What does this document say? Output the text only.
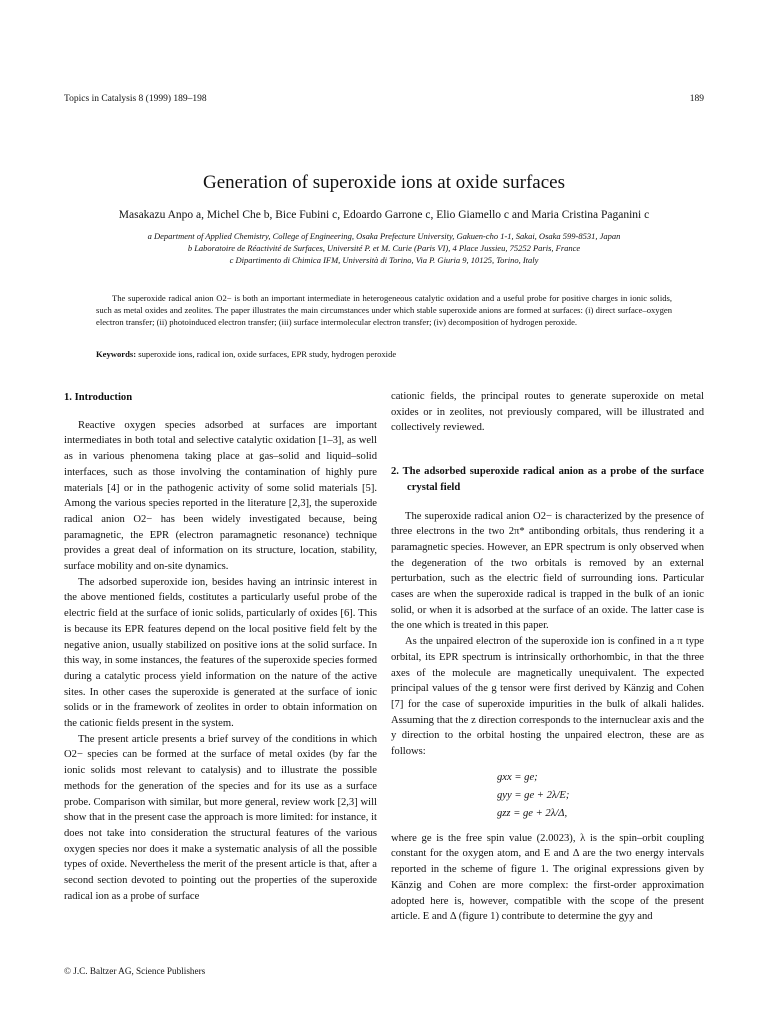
Topics in Catalysis 8 (1999) 189–198	189
Generation of superoxide ions at oxide surfaces
Masakazu Anpo a, Michel Che b, Bice Fubini c, Edoardo Garrone c, Elio Giamello c and Maria Cristina Paganini c
a Department of Applied Chemistry, College of Engineering, Osaka Prefecture University, Gakuen-cho 1-1, Sakai, Osaka 599-8531, Japan
b Laboratoire de Réactivité de Surfaces, Université P. et M. Curie (Paris VI), 4 Place Jussieu, 75252 Paris, France
c Dipartimento di Chimica IFM, Università di Torino, Via P. Giuria 9, 10125, Torino, Italy
The superoxide radical anion O2− is both an important intermediate in heterogeneous catalytic oxidation and a useful probe for positive charges in ionic solids, such as metal oxides and zeolites. The paper illustrates the main circumstances under which stable superoxide anions are formed at surfaces: (i) direct surface–oxygen electron transfer; (ii) photoinduced electron transfer; (iii) surface intermolecular electron transfer; (iv) decomposition of hydrogen peroxide.
Keywords: superoxide ions, radical ion, oxide surfaces, EPR study, hydrogen peroxide
1. Introduction

Reactive oxygen species adsorbed at surfaces are important intermediates in both total and selective catalytic oxidation [1–3], as well as in various phenomena taking place at gas–solid and liquid–solid interfaces, such as those involving the contamination of highly pure materials [4] or in the pathogenic activity of some solid materials [5]. Among the various species reported in the literature [2,3], the superoxide radical anion O2− has been widely investigated because, being paramagnetic, the EPR (electron paramagnetic resonance) technique provides a great deal of information on its structure, location, stability, surface mobility and on-site dynamics.

The adsorbed superoxide ion, besides having an intrinsic interest in the above mentioned fields, costitutes a particularly useful probe of the electric field at the surface of ionic solids, particularly of oxides [6]. This is because its EPR features depend on the local positive field felt by the negative anion, usually stabilized on positive ions at the solid surface. In this way, in some instances, the features of the superoxide species formed during a catalytic process yield information on the nature of the active sites. In other cases the superoxide is generated at the surface of ionic solids or in the framework of zeolites in order to obtain information on the cationic fields present in the system.

The present article presents a brief survey of the conditions in which O2− species can be formed at the surface of metal oxides (by far the ionic solids most relevant to catalysis) and to illustrate the possible methods for the generation of the species and for its use as a surface probe. Comparison with similar, but more general, review work [2,3] will show that in the present case the approach is more limited: for instance, it does not take into consideration the structural features of the various oxygen species nor does it make a systematic analysis of all the possible types of oxide. Nevertheless the merit of the present article is that, after a second section devoted to pointing out the properties of the superoxide radical ion as a probe of surface

cationic fields, the principal routes to generate superoxide on metal oxides or in zeolites, not previously compared, will be illustrated and collectively reviewed.

2. The adsorbed superoxide radical anion as a probe of the surface crystal field

The superoxide radical anion O2− is characterized by the presence of three electrons in the two 2π* antibonding orbitals, thus rendering it a paramagnetic species. However, an EPR spectrum is only observed when the degeneration of the two orbitals is removed by an external perturbation, such as the electric field of surrounding ions. Particular cases are when the superoxide radical is trapped in the bulk of an ionic solid, or when it is adsorbed at the surface of an oxide. The latter case is the one which is treated in this paper.

As the unpaired electron of the superoxide ion is confined in a π type orbital, its EPR spectrum is intrinsically orthorhombic, in that the three axes of the molecule are magnetically unequivalent. The expected principal values of the g tensor were first derived by Känzig and Cohen [7] for the case of superoxide impurities in the bulk of alkali halides. Assuming that the z direction corresponds to the internuclear axis and the y direction to the orbital hosting the unpaired electron, these are as follows:

gxx = ge;
gyy = ge + 2λ/E;
gzz = ge + 2λ/Δ,

where ge is the free spin value (2.0023), λ is the spin–orbit coupling constant for the oxygen atom, and E and Δ are the two energy intervals reported in the scheme of figure 1. The original expressions given by Känzig and Cohen are more complex: the first-order approximation adopted here is, however, compatible with the scope of the present article. E and Δ (figure 1) contribute to determine the gyy and

© J.C. Baltzer AG, Science Publishers
